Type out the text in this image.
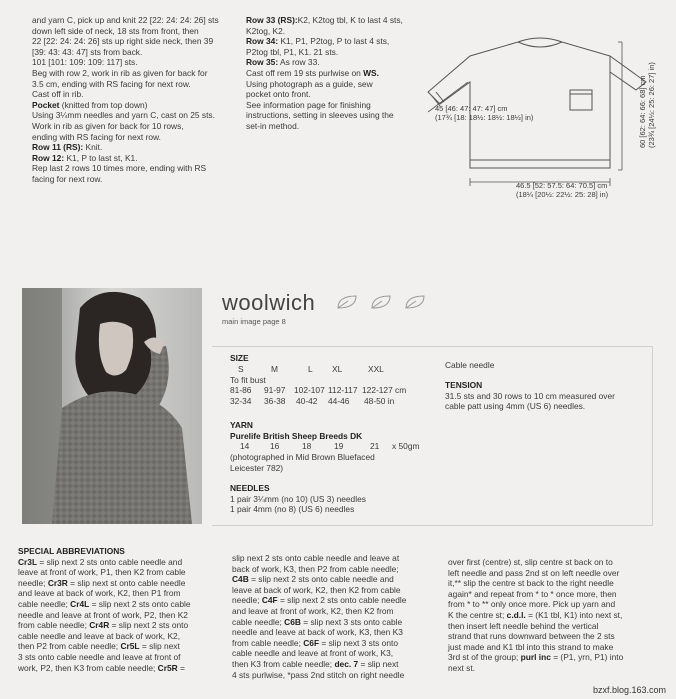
and yarn C, pick up and knit 22 [22: 24: 24: 26] sts

down left side of neck, 18 sts from front, then

22 [22: 24: 24: 26] sts up right side neck, then 39

[39: 43: 43: 47] sts from back.

101 [101: 109: 109: 117] sts.

Beg with row 2, work in rib as given for back for

3.5 cm, ending with RS facing for next row.

Cast off in rib.

Pocket (knitted from top down)

Using 3¼mm needles and yarn C, cast on 25 sts.

Work in rib as given for back for 10 rows,

ending with RS facing for next row.

Row 11 (RS): Knit.

Row 12: K1, P to last st, K1.

Rep last 2 rows 10 times more, ending with RS

facing for next row.

Row 33 (RS):K2, K2tog tbl, K to last 4 sts,

K2tog, K2.

Row 34: K1, P1, P2tog, P to last 4 sts,

P2tog tbl, P1, K1. 21 sts.

Row 35: As row 33.

Cast off rem 19 sts purlwise on WS.

Using photograph as a guide, sew

pocket onto front.

See information page for finishing

instructions, setting in sleeves using the

set-in method.

45 [46: 47: 47: 47] cm
(17¾ [18: 18½: 18½: 18½] in)	60 [62: 64: 66: 68] cm (23¾ [24½: 25: 26: 27] in)
46.5 [52: 57.5: 64: 70.5] cm
(18¼ [20½: 22½: 25: 28] in)
woolwich
main image page 8
SIZE
S	M	L XL	XXL
To fit bust
81-86 91-97 102-107 112-117 122-127 cm
32-34 36-38 40-42 44-46 48-50 in
YARN
Purelife British Sheep Breeds DK
14 16	18	19	21 x 50gm
(photographed in Mid Brown Bluefaced
Leicester 782)
NEEDLES
1 pair 3¼mm (no 10) (US 3) needles
1 pair 4mm (no 8) (US 6) needles
Cable needle
TENSION
31.5 sts and 30 rows to 10 cm measured over
cable patt using 4mm (US 6) needles.
SPECIAL ABBREVIATIONS

Cr3L = slip next 2 sts onto cable needle and

leave at front of work, P1, then K2 from cable

needle; Cr3R = slip next st onto cable needle

and leave at back of work, K2, then P1 from

cable needle; Cr4L = slip next 2 sts onto cable

needle and leave at front of work, P2, then K2

from cable needle; Cr4R = slip next 2 sts onto

cable needle and leave at back of work, K2,

then P2 from cable needle; Cr5L = slip next

3 sts onto cable needle and leave at front of

work, P2, then K3 from cable needle; Cr5R =

slip next 2 sts onto cable needle and leave at

back of work, K3, then P2 from cable needle;

C4B = slip next 2 sts onto cable needle and

leave at back of work, K2, then K2 from cable

needle; C4F = slip next 2 sts onto cable needle

and leave at front of work, K2, then K2 from

cable needle; C6B = slip next 3 sts onto cable

needle and leave at back of work, K3, then K3

from cable needle; C6F = slip next 3 sts onto

cable needle and leave at front of work, K3,

then K3 from cable needle; dec. 7 = slip next

4 sts purlwise, *pass 2nd stitch on right needle

over first (centre) st, slip centre st back on to

left needle and pass 2nd st on left needle over

it,** slip the centre st back to the right needle

again* and repeat from * to * once more, then

from * to ** only once more. Pick up yarn and

K the centre st; c.d.l. = (K1 tbl, K1) into next st,

then insert left needle behind the vertical

strand that runs downward between the 2 sts

just made and K1 tbl into this strand to make

3rd st of the group; purl inc = (P1, yrn, P1) into

next st.

bzxf.blog.163.com
